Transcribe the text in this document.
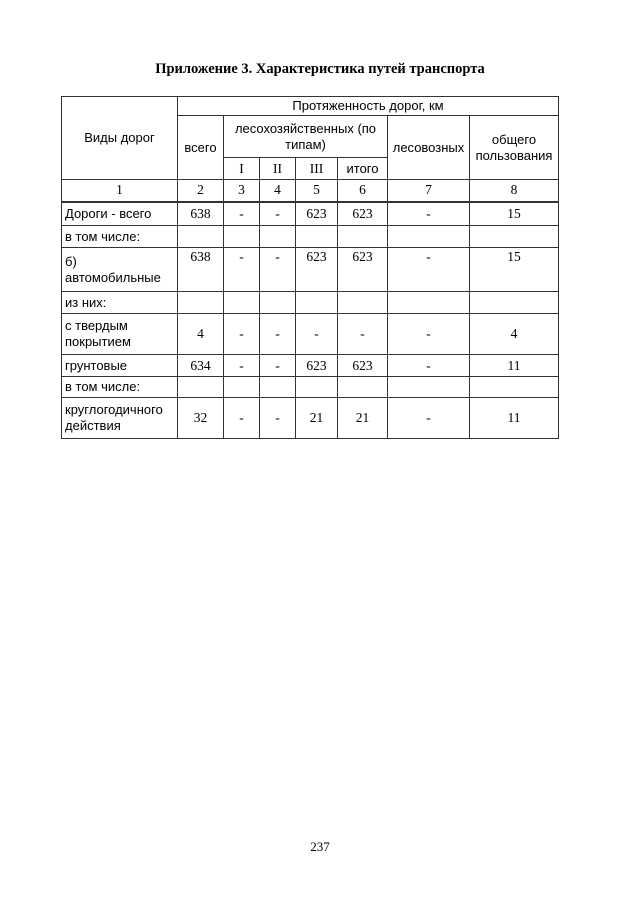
Приложение 3. Характеристика путей транспорта
Виды дорог	Протяженность дорог, км						
	всего	лесохозяйственных (по типам)				лесовозных	общего пользования
		I	II	III	итого		
1	2	3	4	5	6	7	8
Дороги - всего	638	-	-	623	623	-	15
в том числе:							
б) автомобильные	638	-	-	623	623	-	15
из них:							
с твердым покрытием	4	-	-	-	-	-	4
грунтовые	634	-	-	623	623	-	11
в том числе:							
круглогодичного действия	32	-	-	21	21	-	11
237
